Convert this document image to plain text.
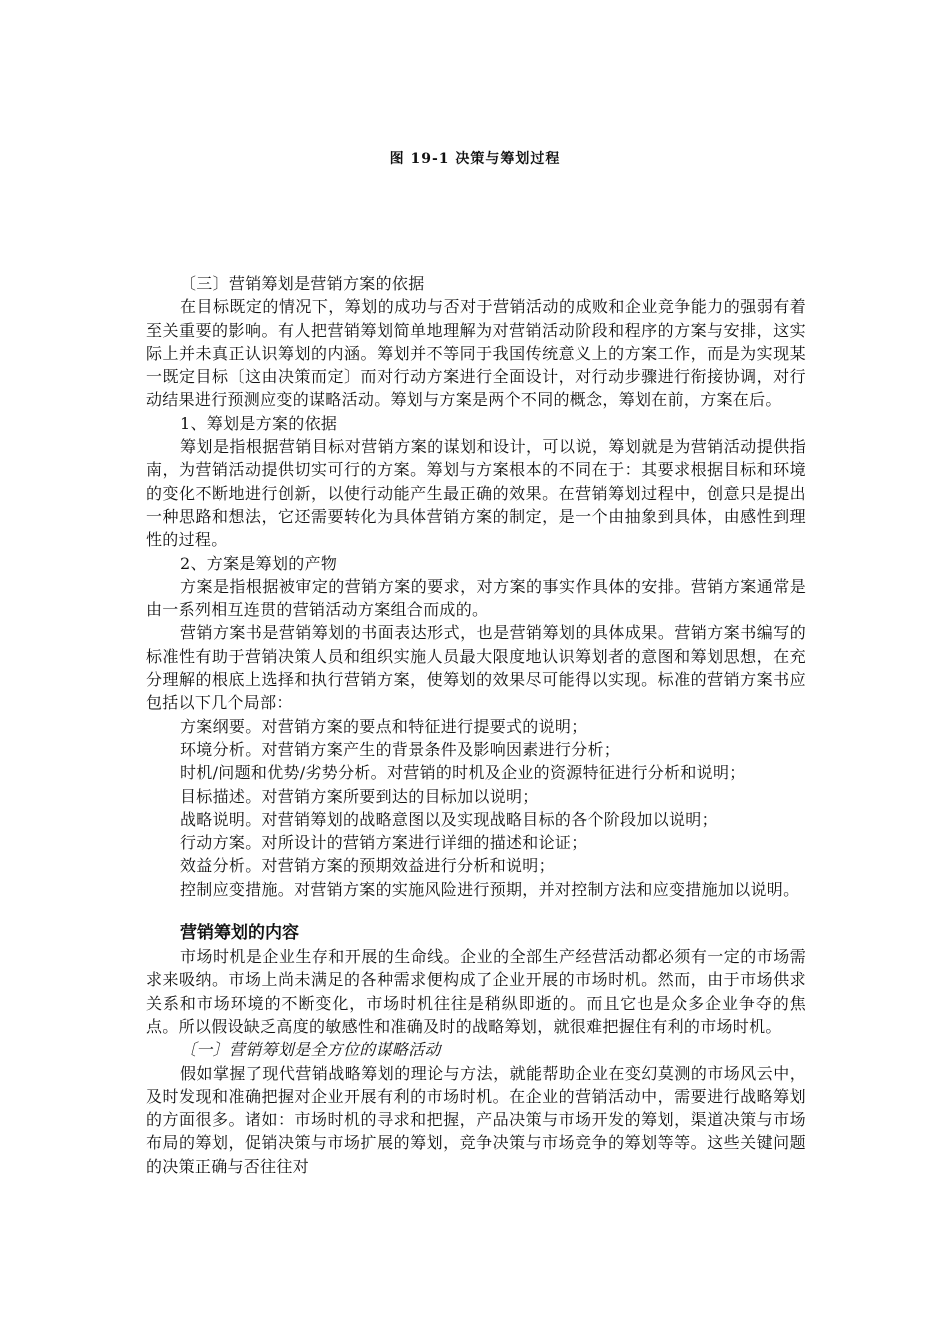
图 19-1 决策与筹划过程

〔三〕营销筹划是营销方案的依据

在目标既定的情况下，筹划的成功与否对于营销活动的成败和企业竞争能力的强弱有着至关重要的影响。有人把营销筹划简单地理解为对营销活动阶段和程序的方案与安排，这实际上并未真正认识筹划的内涵。筹划并不等同于我国传统意义上的方案工作，而是为实现某一既定目标〔这由决策而定〕而对行动方案进行全面设计，对行动步骤进行衔接协调，对行动结果进行预测应变的谋略活动。筹划与方案是两个不同的概念，筹划在前，方案在后。

1、筹划是方案的依据

筹划是指根据营销目标对营销方案的谋划和设计，可以说，筹划就是为营销活动提供指南，为营销活动提供切实可行的方案。筹划与方案根本的不同在于：其要求根据目标和环境的变化不断地进行创新，以使行动能产生最正确的效果。在营销筹划过程中，创意只是提出一种思路和想法，它还需要转化为具体营销方案的制定，是一个由抽象到具体，由感性到理性的过程。

2、方案是筹划的产物

方案是指根据被审定的营销方案的要求，对方案的事实作具体的安排。营销方案通常是由一系列相互连贯的营销活动方案组合而成的。

营销方案书是营销筹划的书面表达形式，也是营销筹划的具体成果。营销方案书编写的标准性有助于营销决策人员和组织实施人员最大限度地认识筹划者的意图和筹划思想，在充分理解的根底上选择和执行营销方案，使筹划的效果尽可能得以实现。标准的营销方案书应包括以下几个局部：

方案纲要。对营销方案的要点和特征进行提要式的说明；

环境分析。对营销方案产生的背景条件及影响因素进行分析；

时机/问题和优势/劣势分析。对营销的时机及企业的资源特征进行分析和说明；

目标描述。对营销方案所要到达的目标加以说明；

战略说明。对营销筹划的战略意图以及实现战略目标的各个阶段加以说明；

行动方案。对所设计的营销方案进行详细的描述和论证；

效益分析。对营销方案的预期效益进行分析和说明；

控制应变措施。对营销方案的实施风险进行预期，并对控制方法和应变措施加以说明。

营销筹划的内容

市场时机是企业生存和开展的生命线。企业的全部生产经营活动都必须有一定的市场需求来吸纳。市场上尚未满足的各种需求便构成了企业开展的市场时机。然而，由于市场供求关系和市场环境的不断变化，市场时机往往是稍纵即逝的。而且它也是众多企业争夺的焦点。所以假设缺乏高度的敏感性和准确及时的战略筹划，就很难把握住有利的市场时机。

〔一〕营销筹划是全方位的谋略活动

假如掌握了现代营销战略筹划的理论与方法，就能帮助企业在变幻莫测的市场风云中，及时发现和准确把握对企业开展有利的市场时机。在企业的营销活动中，需要进行战略筹划的方面很多。诸如：市场时机的寻求和把握，产品决策与市场开发的筹划，渠道决策与市场布局的筹划，促销决策与市场扩展的筹划，竞争决策与市场竞争的筹划等等。这些关键问题的决策正确与否往往对
